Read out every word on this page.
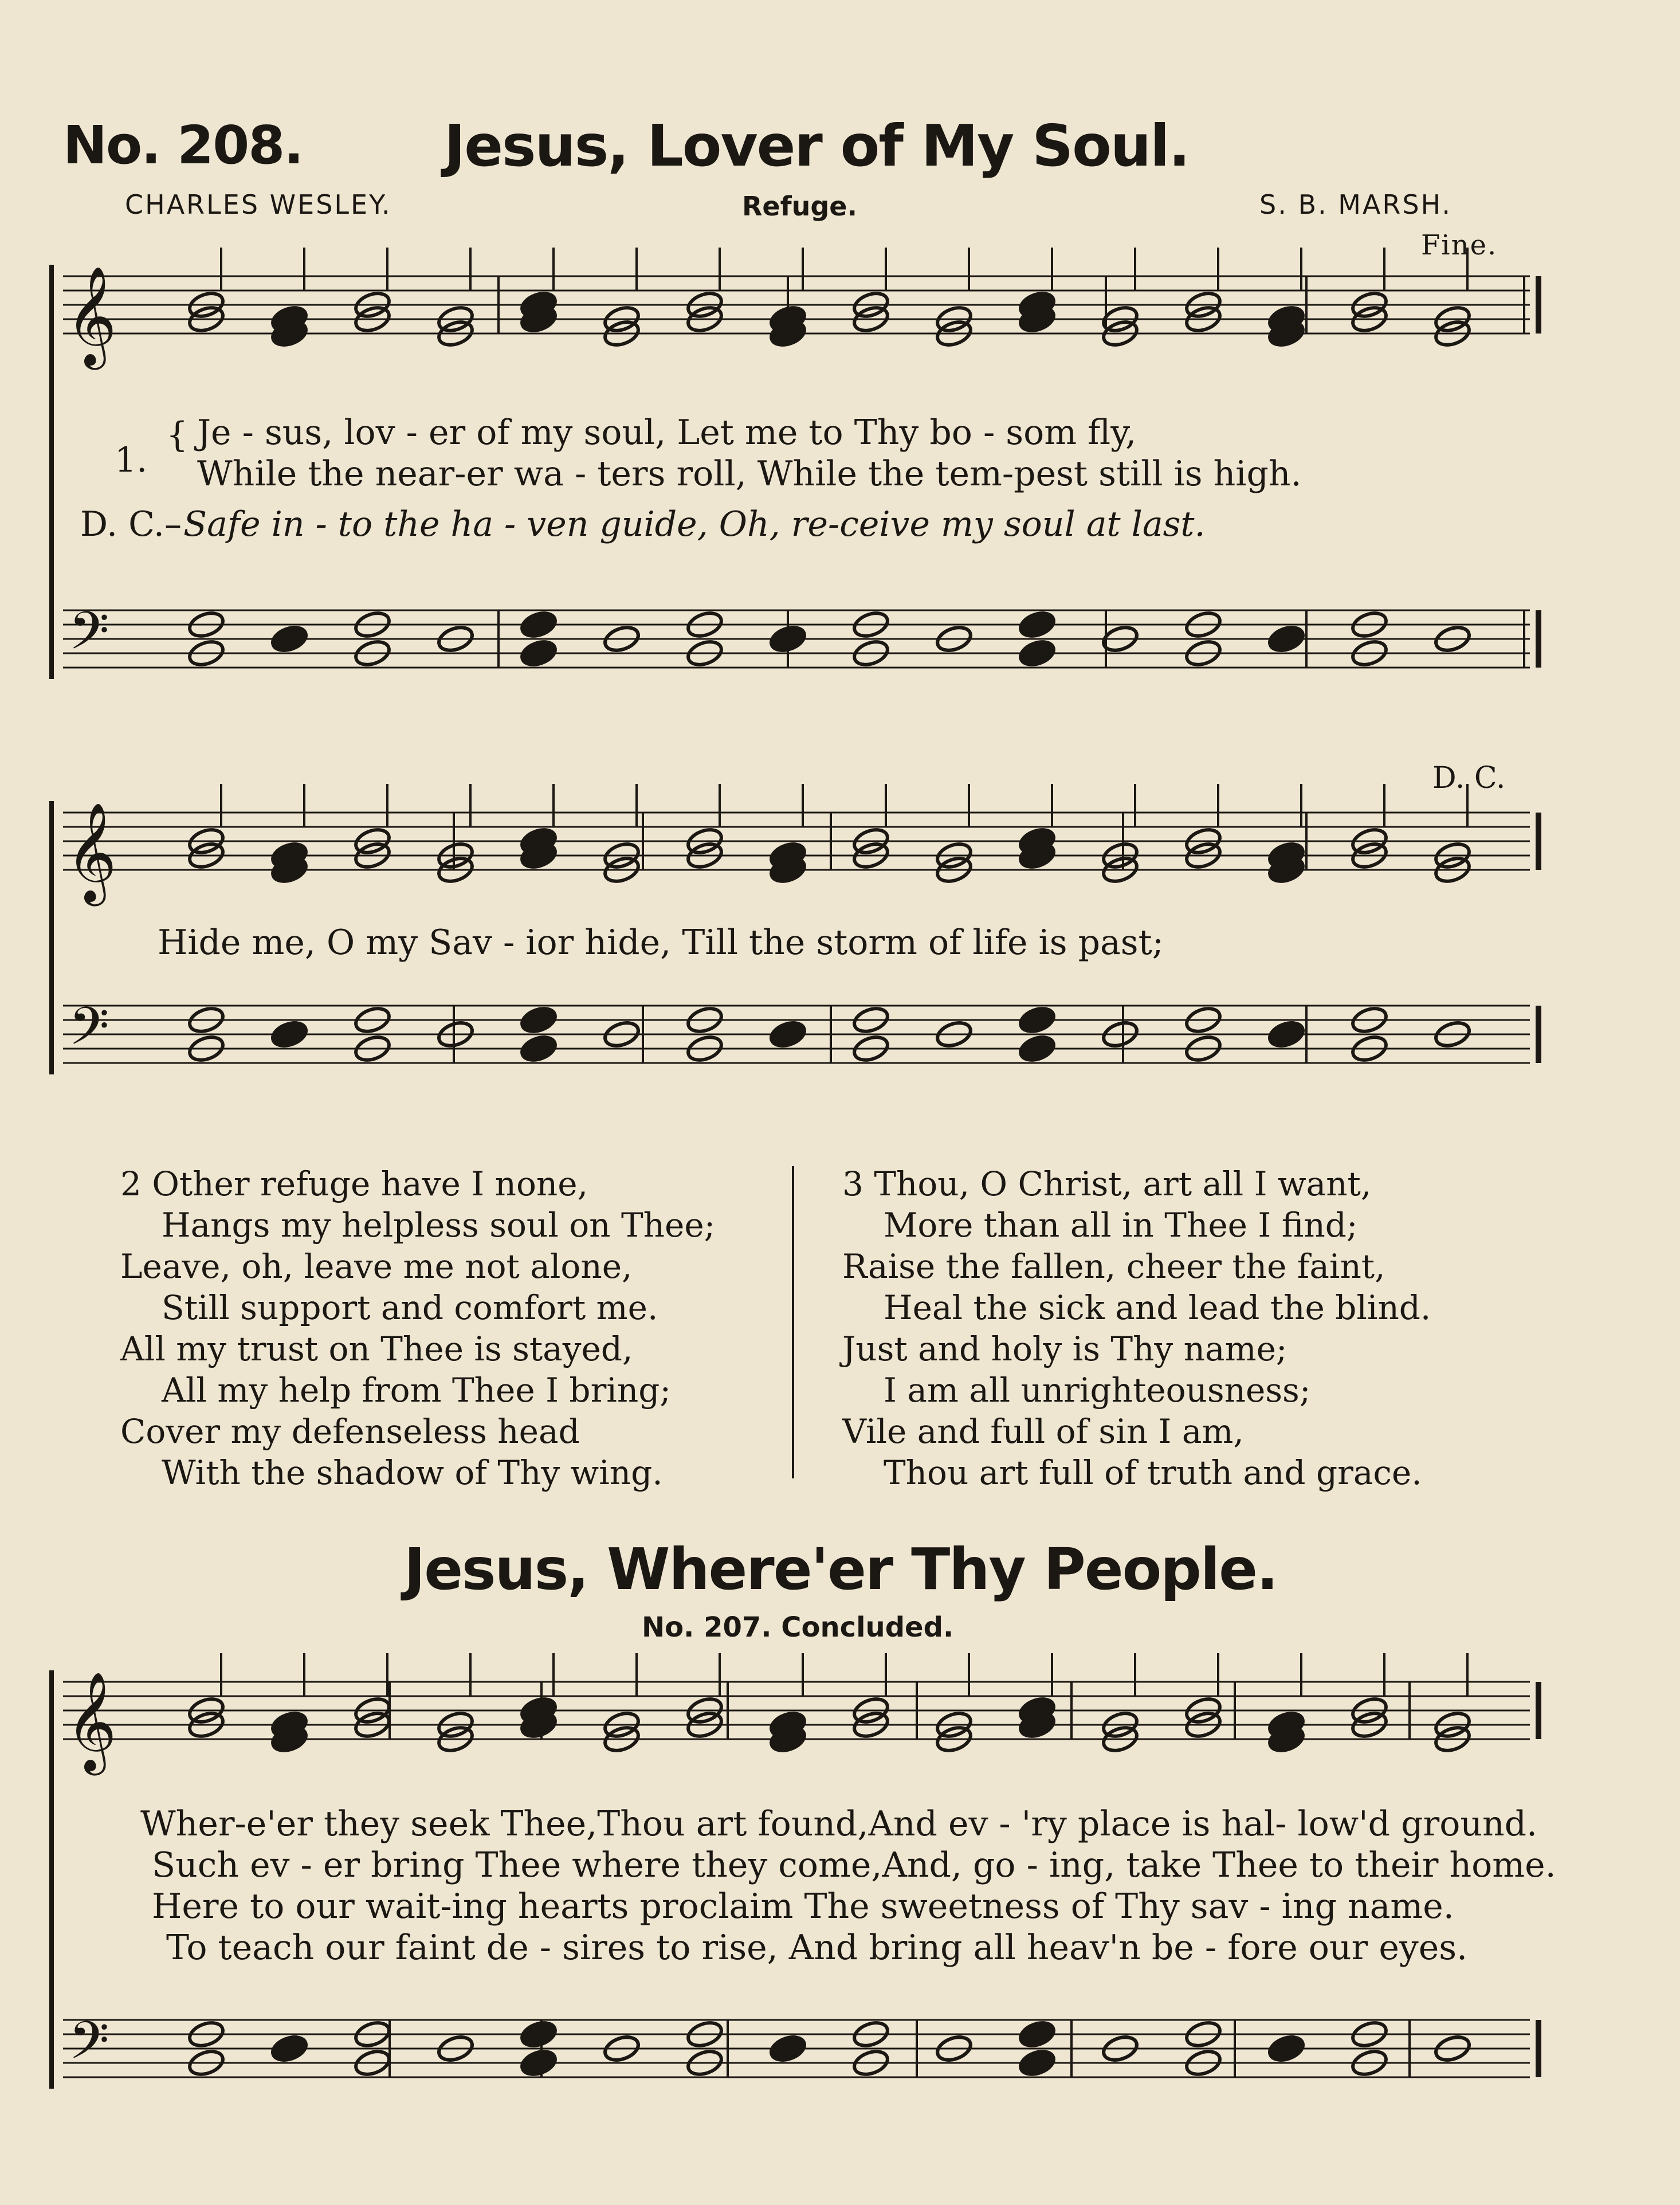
𝄞
𝄢
𝄞
𝄢
𝄞
𝄢
No. 208. Jesus, Lover of My Soul.
CHARLES WESLEY.	Refuge.	S. B. MARSH.
Fine.
D. C.
1.
{ Je - sus, lov - er of my soul, Let me to Thy bo - som fly,
While the near-er wa - ters roll, While the tem-pest still is high.
D. C.– Safe in - to the ha - ven guide, Oh, re-ceive my soul at last.
Hide me, O my Sav - ior hide, Till the storm of life is past;
2 Other refuge have I none,
Hangs my helpless soul on Thee;
Leave, oh, leave me not alone,
Still support and comfort me.
All my trust on Thee is stayed,
All my help from Thee I bring;
Cover my defenseless head
With the shadow of Thy wing.
3 Thou, O Christ, art all I want,
More than all in Thee I find;
Raise the fallen, cheer the faint,
Heal the sick and lead the blind.
Just and holy is Thy name;
I am all unrighteousness;
Vile and full of sin I am,
Thou art full of truth and grace.
Jesus, Where'er Thy People.
No. 207. Concluded.
Wher-e'er they seek Thee,Thou art found,And ev - 'ry place is hal- low'd ground.
Such ev - er bring Thee where they come,And, go - ing, take Thee to their home.
Here to our wait-ing hearts proclaim The sweetness of Thy sav - ing name.
To teach our faint de - sires to rise, And bring all heav'n be - fore our eyes.
